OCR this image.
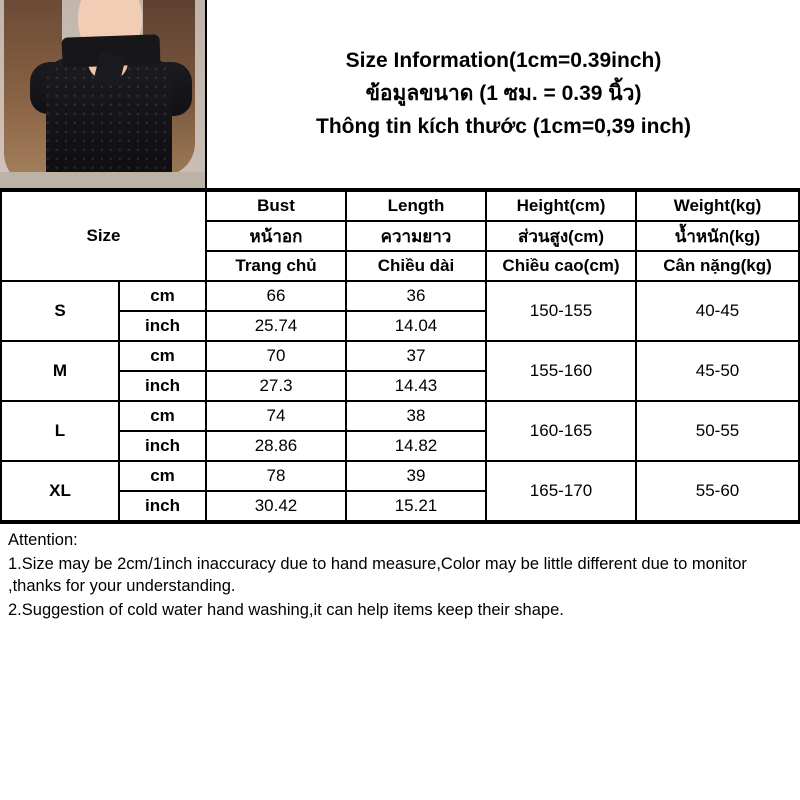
Size Information(1cm=0.39inch)
ข้อมูลขนาด (1 ซม. = 0.39 นิ้ว)
Thông tin kích thước (1cm=0,39 inch)
Size		Bust	Length	Height(cm)	Weight(kg)
		หน้าอก	ความยาว	ส่วนสูง(cm)	น้ำหนัก(kg)
		Trang chủ	Chiều dài	Chiều cao(cm)	Cân nặng(kg)
S	cm	66	36	150-155	40-45
	inch	25.74	14.04		
M	cm	70	37	155-160	45-50
	inch	27.3	14.43		
L	cm	74	38	160-165	50-55
	inch	28.86	14.82		
XL	cm	78	39	165-170	55-60
	inch	30.42	15.21		

Attention:

1.Size may be 2cm/1inch inaccuracy due to hand measure,Color may be little different due to monitor ,thanks for your understanding.

2.Suggestion of cold water hand washing,it can help items keep their shape.
